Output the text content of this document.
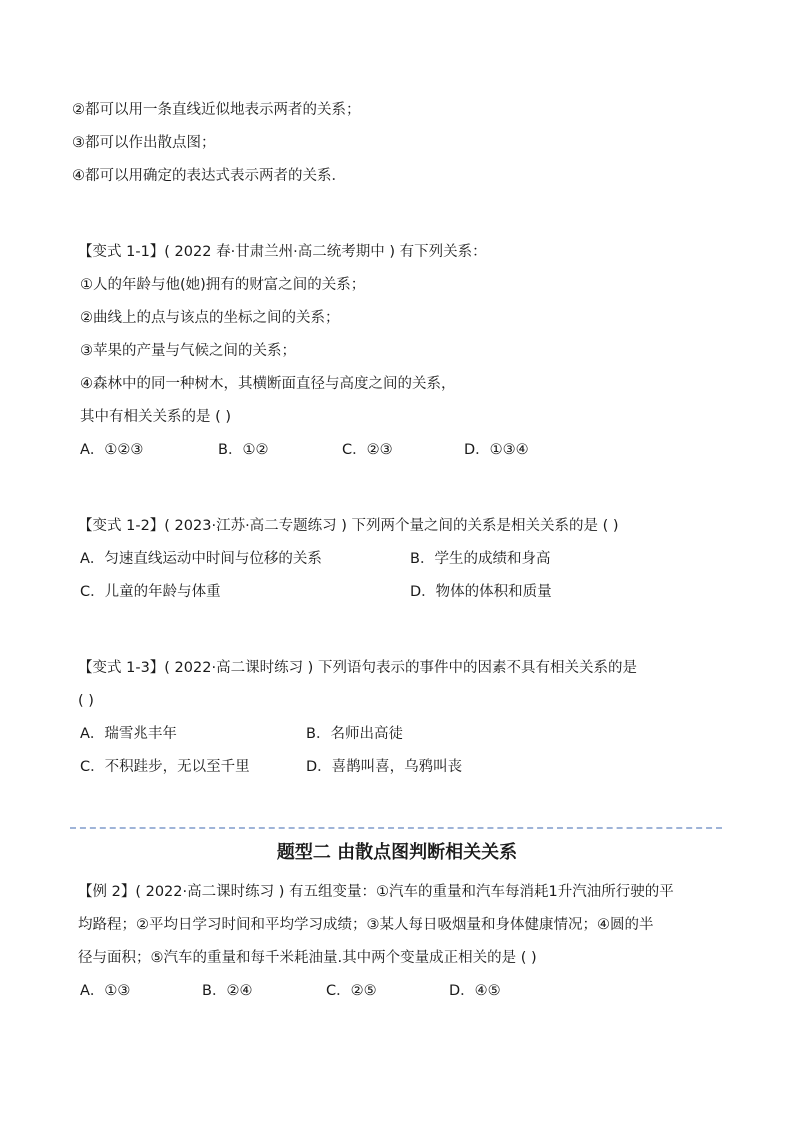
②都可以用一条直线近似地表示两者的关系；
③都可以作出散点图；
④都可以用确定的表达式表示两者的关系．
【变式 1-1】( 2022 春·甘肃兰州·高二统考期中 ) 有下列关系：
①人的年龄与他(她)拥有的财富之间的关系；
②曲线上的点与该点的坐标之间的关系；
③苹果的产量与气候之间的关系；
④森林中的同一种树木，其横断面直径与高度之间的关系，
其中有相关关系的是 ( )
A．①②③	B．①②	C．②③	D．①③④
【变式 1-2】( 2023·江苏·高二专题练习 ) 下列两个量之间的关系是相关关系的是 ( )
A．匀速直线运动中时间与位移的关系	B．学生的成绩和身高
C．儿童的年龄与体重	D．物体的体积和质量
【变式 1-3】( 2022·高二课时练习 ) 下列语句表示的事件中的因素不具有相关关系的是
( )
A．瑞雪兆丰年	B．名师出高徒
C．不积跬步，无以至千里	D．喜鹊叫喜，乌鸦叫丧
题型二 由散点图判断相关关系
【例 2】( 2022·高二课时练习 ) 有五组变量：①汽车的重量和汽车每消耗1升汽油所行驶的平
均路程；②平均日学习时间和平均学习成绩；③某人每日吸烟量和身体健康情况；④圆的半
径与面积；⑤汽车的重量和每千米耗油量.其中两个变量成正相关的是 ( )
A．①③	B．②④	C．②⑤	D．④⑤
